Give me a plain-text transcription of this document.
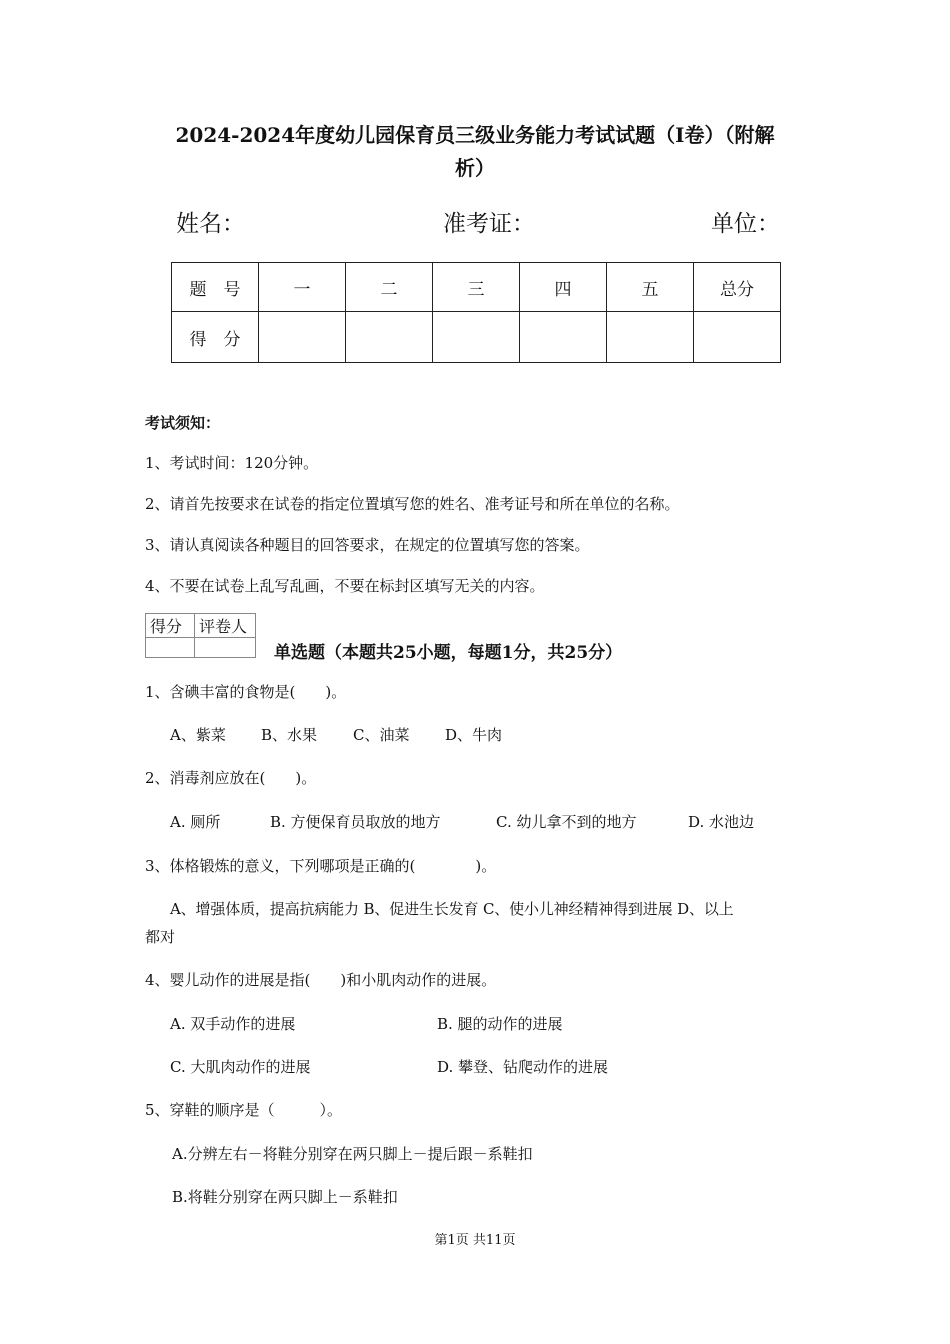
2024-2024年度幼儿园保育员三级业务能力考试试题（I卷）（附解
析）
姓名：	准考证：	单位：
题　号	一	二	三	四	五	总分
得　分						
考试须知：
1、考试时间：120分钟。
2、请首先按要求在试卷的指定位置填写您的姓名、准考证号和所在单位的名称。
3、请认真阅读各种题目的回答要求，在规定的位置填写您的答案。
4、不要在试卷上乱写乱画，不要在标封区填写无关的内容。
得分	评卷人

单选题（本题共25小题，每题1分，共25分）
1、含碘丰富的食物是(　　)。
A、紫菜 B、水果 C、油菜 D、牛肉
2、消毒剂应放在(　　)。
A. 厕所	B. 方便保育员取放的地方	C. 幼儿拿不到的地方	D. 水池边
3、体格锻炼的意义，下列哪项是正确的(　　　　)。
A、增强体质，提高抗病能力 B、促进生长发育 C、使小儿神经精神得到进展 D、以上
都对
4、婴儿动作的进展是指(　　)和小肌肉动作的进展。
A. 双手动作的进展	B. 腿的动作的进展
C. 大肌肉动作的进展	D. 攀登、钻爬动作的进展
5、穿鞋的顺序是（　　　）。
A.分辨左右－将鞋分别穿在两只脚上－提后跟－系鞋扣
B.将鞋分别穿在两只脚上－系鞋扣
第1页 共11页
